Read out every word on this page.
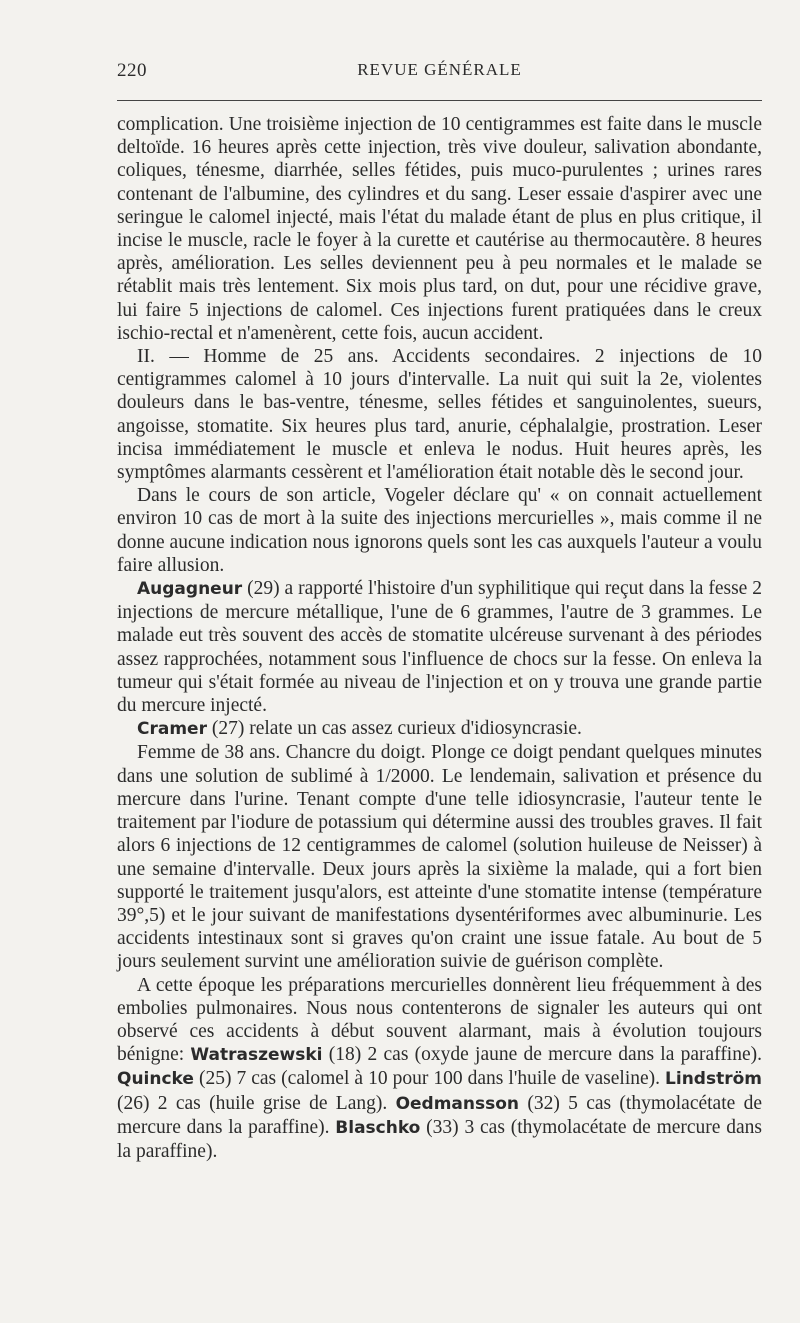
220	REVUE GÉNÉRALE

complication. Une troisième injection de 10 centigrammes est faite dans le muscle deltoïde. 16 heures après cette injection, très vive douleur, salivation abondante, coliques, ténesme, diarrhée, selles fétides, puis muco-purulentes ; urines rares contenant de l'albumine, des cylindres et du sang. Leser essaie d'aspirer avec une seringue le calomel injecté, mais l'état du malade étant de plus en plus critique, il incise le muscle, racle le foyer à la curette et cautérise au thermocautère. 8 heures après, amélioration. Les selles deviennent peu à peu normales et le malade se rétablit mais très lentement. Six mois plus tard, on dut, pour une récidive grave, lui faire 5 injections de calomel. Ces injections furent pratiquées dans le creux ischio-rectal et n'amenèrent, cette fois, aucun accident.

II. — Homme de 25 ans. Accidents secondaires. 2 injections de 10 centigrammes calomel à 10 jours d'intervalle. La nuit qui suit la 2e, violentes douleurs dans le bas-ventre, ténesme, selles fétides et sanguinolentes, sueurs, angoisse, stomatite. Six heures plus tard, anurie, céphalalgie, prostration. Leser incisa immédiatement le muscle et enleva le nodus. Huit heures après, les symptômes alarmants cessèrent et l'amélioration était notable dès le second jour.

Dans le cours de son article, Vogeler déclare qu' « on connait actuellement environ 10 cas de mort à la suite des injections mercurielles », mais comme il ne donne aucune indication nous ignorons quels sont les cas auxquels l'auteur a voulu faire allusion.

Augagneur (29) a rapporté l'histoire d'un syphilitique qui reçut dans la fesse 2 injections de mercure métallique, l'une de 6 grammes, l'autre de 3 grammes. Le malade eut très souvent des accès de stomatite ulcéreuse survenant à des périodes assez rapprochées, notamment sous l'influence de chocs sur la fesse. On enleva la tumeur qui s'était formée au niveau de l'injection et on y trouva une grande partie du mercure injecté.

Cramer (27) relate un cas assez curieux d'idiosyncrasie.

Femme de 38 ans. Chancre du doigt. Plonge ce doigt pendant quelques minutes dans une solution de sublimé à 1/2000. Le lendemain, salivation et présence du mercure dans l'urine. Tenant compte d'une telle idiosyncrasie, l'auteur tente le traitement par l'iodure de potassium qui détermine aussi des troubles graves. Il fait alors 6 injections de 12 centigrammes de calomel (solution huileuse de Neisser) à une semaine d'intervalle. Deux jours après la sixième la malade, qui a fort bien supporté le traitement jusqu'alors, est atteinte d'une stomatite intense (température 39°,5) et le jour suivant de manifestations dysentériformes avec albuminurie. Les accidents intestinaux sont si graves qu'on craint une issue fatale. Au bout de 5 jours seulement survint une amélioration suivie de guérison complète.

A cette époque les préparations mercurielles donnèrent lieu fréquemment à des embolies pulmonaires. Nous nous contenterons de signaler les auteurs qui ont observé ces accidents à début souvent alarmant, mais à évolution toujours bénigne: Watraszewski (18) 2 cas (oxyde jaune de mercure dans la paraffine). Quincke (25) 7 cas (calomel à 10 pour 100 dans l'huile de vaseline). Lindström (26) 2 cas (huile grise de Lang). Oedmansson (32) 5 cas (thymolacétate de mercure dans la paraffine). Blaschko (33) 3 cas (thymolacétate de mercure dans la paraffine).
